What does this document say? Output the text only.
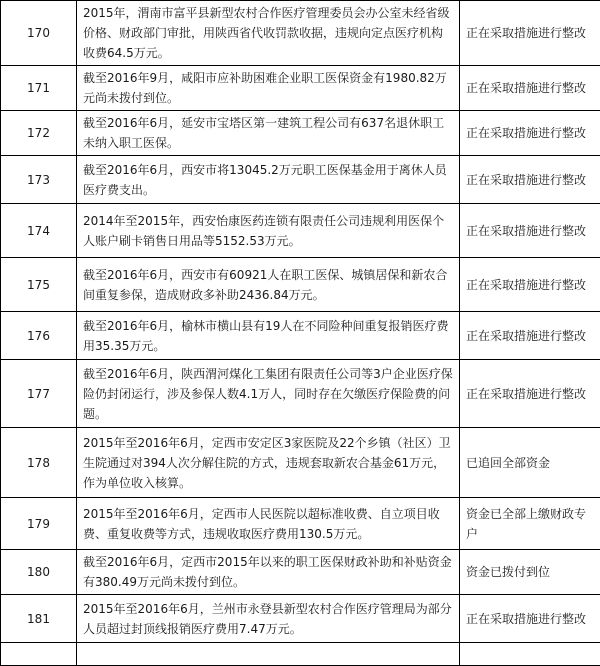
170	2015年，渭南市富平县新型农村合作医疗管理委员会办公室未经省级价格、财政部门审批，用陕西省代收罚款收据，违规向定点医疗机构收费64.5万元。	正在采取措施进行整改
171	截至2016年9月，咸阳市应补助困难企业职工医保资金有1980.82万元尚未拨付到位。	正在采取措施进行整改
172	截至2016年6月，延安市宝塔区第一建筑工程公司有637名退休职工未纳入职工医保。	正在采取措施进行整改
173	截至2016年6月，西安市将13045.2万元职工医保基金用于离休人员医疗费支出。	正在采取措施进行整改
174	2014年至2015年，西安怡康医药连锁有限责任公司违规利用医保个人账户刷卡销售日用品等5152.53万元。	正在采取措施进行整改
175	截至2016年6月，西安市有60921人在职工医保、城镇居保和新农合间重复参保，造成财政多补助2436.84万元。	正在采取措施进行整改
176	截至2016年6月，榆林市横山县有19人在不同险种间重复报销医疗费用35.35万元。	正在采取措施进行整改
177	截至2016年6月，陕西渭河煤化工集团有限责任公司等3户企业医疗保险仍封闭运行，涉及参保人数4.1万人，同时存在欠缴医疗保险费的问题。	正在采取措施进行整改
178	2015年至2016年6月，定西市安定区3家医院及22个乡镇（社区）卫生院通过对394人次分解住院的方式，违规套取新农合基金61万元，作为单位收入核算。	已追回全部资金
179	2015年至2016年6月，定西市人民医院以超标准收费、自立项目收费、重复收费等方式，违规收取医疗费用130.5万元。	资金已全部上缴财政专户
180	截至2016年6月，定西市2015年以来的职工医保财政补助和补贴资金有380.49万元尚未拨付到位。	资金已拨付到位
181	2015年至2016年6月，兰州市永登县新型农村合作医疗管理局为部分人员超过封顶线报销医疗费用7.47万元。	正在采取措施进行整改
